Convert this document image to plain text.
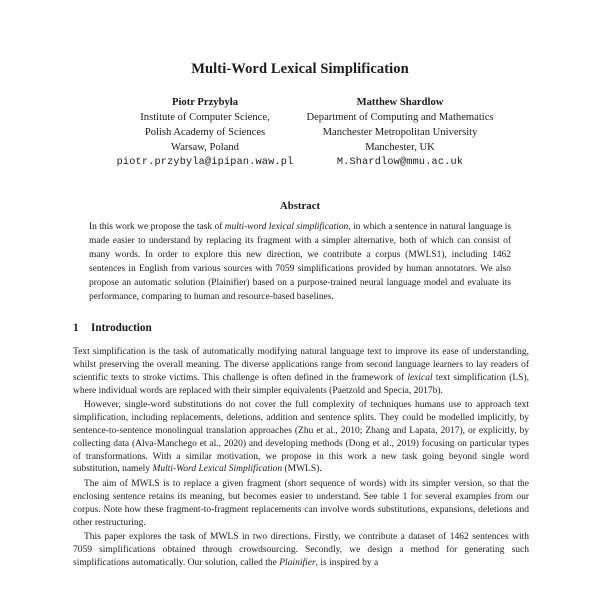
Multi-Word Lexical Simplification
Piotr Przybyła
Institute of Computer Science,
Polish Academy of Sciences
Warsaw, Poland
piotr.przybyla@ipipan.waw.pl
Matthew Shardlow
Department of Computing and Mathematics
Manchester Metropolitan University
Manchester, UK
M.Shardlow@mmu.ac.uk
Abstract
In this work we propose the task of multi-word lexical simplification, in which a sentence in natural language is made easier to understand by replacing its fragment with a simpler alternative, both of which can consist of many words. In order to explore this new direction, we contribute a corpus (MWLS1), including 1462 sentences in English from various sources with 7059 simplifications provided by human annotators. We also propose an automatic solution (Plainifier) based on a purpose-trained neural language model and evaluate its performance, comparing to human and resource-based baselines.
1 Introduction

Text simplification is the task of automatically modifying natural language text to improve its ease of understanding, whilst preserving the overall meaning. The diverse applications range from second language learners to lay readers of scientific texts to stroke victims. This challenge is often defined in the framework of lexical text simplification (LS), where individual words are replaced with their simpler equivalents (Paetzold and Specia, 2017b).

However, single-word substitutions do not cover the full complexity of techniques humans use to approach text simplification, including replacements, deletions, addition and sentence splits. They could be modelled implicitly, by sentence-to-sentence monolingual translation approaches (Zhu et al., 2010; Zhang and Lapata, 2017), or explicitly, by collecting data (Alva-Manchego et al., 2020) and developing methods (Dong et al., 2019) focusing on particular types of transformations. With a similar motivation, we propose in this work a new task going beyond single word substitution, namely Multi-Word Lexical Simplification (MWLS).

The aim of MWLS is to replace a given fragment (short sequence of words) with its simpler version, so that the enclosing sentence retains its meaning, but becomes easier to understand. See table 1 for several examples from our corpus. Note how these fragment-to-fragment replacements can involve words substitutions, expansions, deletions and other restructuring.

This paper explores the task of MWLS in two directions. Firstly, we contribute a dataset of 1462 sentences with 7059 simplifications obtained through crowdsourcing. Secondly, we design a method for generating such simplifications automatically. Our solution, called the Plainifier, is inspired by a
